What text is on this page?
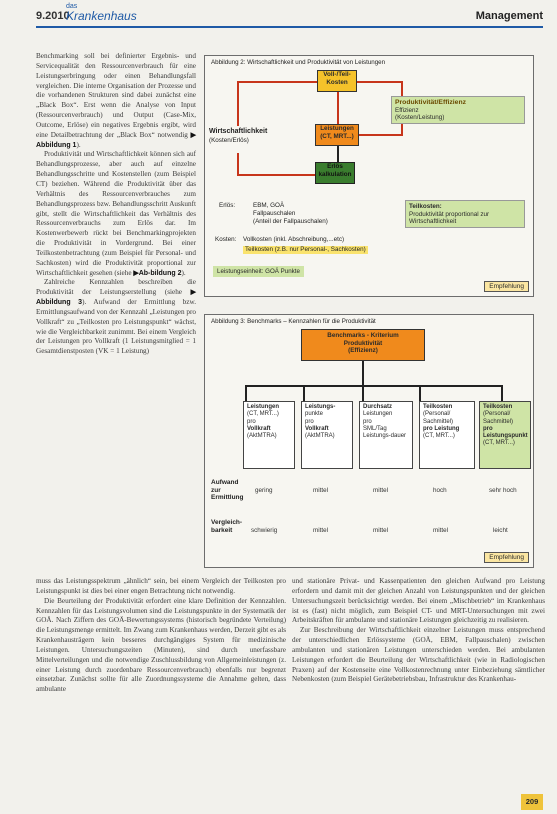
9.2010
das
Krankenhaus	Management

Benchmarking soll bei definierter Ergebnis- und Servicequalität den Ressourcenverbrauch für eine Leistungserbringung oder einen Behandlungsfall vergleichen. Die interne Organisation der Prozesse und die vorhandenen Strukturen sind dabei zunächst eine „Black Box“. Erst wenn die Analyse von Input (Ressourcenverbrauch) und Output (Case-Mix, Outcome, Erlöse) ein negatives Ergebnis ergibt, wird eine Detailbetrachtung der „Black Box“ notwendig ▶ Abbildung 1).

Produktivität und Wirtschaftlichkeit können sich auf Behandlungsprozesse, aber auch auf einzelne Behandlungsschritte und Kostenstellen (zum Beispiel CT) beziehen. Während die Produktivität über das Verhältnis des Ressourcenverbrauches zum Behandlungsprozess bzw. Behandlungsschritt Auskunft gibt, stellt die Wirtschaftlichkeit das Verhältnis des Ressourcenverbrauchs zum Erlös dar. Im Kostenwerbewerb rückt bei Benchmarkingprojekten die Produktivität in Vordergrund. Bei einer Teilkostenbetrachtung (zum Beispiel für Personal- und Sachkosten) wird die Produktivität proportional zur Wirtschaftlichkeit gesehen (siehe ▶Ab-bildung 2).

Zahlreiche Kennzahlen beschreiben die Produktivität der Leistungserstellung (siehe ▶ Abbildung 3). Aufwand der Ermittlung bzw. Ermittlungsaufwand von der Kennzahl „Leistungen pro Vollkraft“ zu „Teilkosten pro Leistungspunkt“ wächst, wie die Vergleichbarkeit zunimmt. Bei einem Vergleich der Leistungen pro Vollkraft (1 Leistungsmitglied = 1 Gesamtdienstposten (VK = 1 Leistung)

Abbildung 2: Wirtschaftlichkeit und Produktivität von Leistungen
Voll-/Teil-
Kosten
Leistungen
(CT, MRT...)
Erlös
kalkulation
Wirtschaftlichkeit
(Kosten/Erlös)
Produktivität/Effizienz
Effizienz
(Kosten/Leistung)
Erlös:	EBM, GOÄ
Fallpauschalen
(Anteil der Fallpauschalen)
Teilkosten:
Produktivität proportional zur Wirtschaftlichkeit
Kosten: Vollkosten (inkl. Abschreibung,...etc)
Teilkosten (z.B. nur Personal-, Sachkosten)
Leistungseinheit: GOÄ Punkte
Empfehlung
Abbildung 3: Benchmarks – Kennzahlen für die Produktivität
Benchmarks - Kriterium
Produktivität
(Effizienz)
Leistungen
(CT, MRT...)
pro
Vollkraft
(AktMTRA)
Leistungs-
punkte
pro
Vollkraft
(AktMTRA)
Durchsatz
Leistungen
pro
SML/Tag
Leistungs-dauer
Teilkosten
(Personal/
Sachmittel)
pro Leistung
(CT, MRT...)
Teilkosten
(Personal/
Sachmittel)
pro Leistungspunkt
(CT, MRT...)
Aufwand
zur
Ermittlung
gering	mittel	mittel	hoch	sehr hoch
Vergleich-
barkeit	schwierig	mittel	mittel	mittel	leicht
Empfehlung

muss das Leistungsspektrum „ähnlich“ sein, bei einem Vergleich der Teilkosten pro Leistungspunkt ist dies bei einer engen Betrachtung nicht notwendig.

Die Beurteilung der Produktivität erfordert eine klare Definition der Kennzahlen. Kennzahlen für das Leistungsvolumen sind die Leistungspunkte in der Systematik der GOÄ. Nach Ziffern des GOÄ-Bewertungssystems (historisch begründete Verteilung) die Leistungsmenge ermittelt. Im Zwang zum Krankenhaus werden, Derzeit gibt es als Krankenhausträgern kein besseres durchgängiges System für medizinische Leistungen. Untersuchungszeiten (Minuten), sind durch unerfassbare Mittelverteilungen und die notwendige Zuschlussbildung von Allgemeinleistungen (z. einer Leistung durch zuordenbare Ressourcenverbrauch) ebenfalls nur begrenzt einsetzbar. Zunächst sollte für alle Zuordnungssysteme die Annahme gelten, dass ambulante

und stationäre Privat- und Kassenpatienten den gleichen Aufwand pro Leistung erfordern und damit mit der gleichen Anzahl von Leistungspunkten und der gleichen Untersuchungszeit berücksichtigt werden. Bei einem „Mischbetrieb“ im Krankenhaus ist es (fast) nicht möglich, zum Beispiel CT- und MRT-Untersuchungen mit zwei Arbeitskräften für ambulante und stationäre Leistungen gleichzeitig zu realisieren.

Zur Beschreibung der Wirtschaftlichkeit einzelner Leistungen muss entsprechend der unterschiedlichen Erlössysteme (GOÄ, EBM, Fallpauschalen) zwischen ambulanten und stationären Leistungen unterschieden werden. Bei ambulanten Leistungen erfordert die Beurteilung der Wirtschaftlichkeit (wie in Radiologischen Praxen) auf der Kostenseite eine Vollkostenrechnung unter Einbeziehung sämtlicher Nebenkosten (zum Beispiel Gerätebetriebsbau, Infrastruktur des Krankenhau-

209
